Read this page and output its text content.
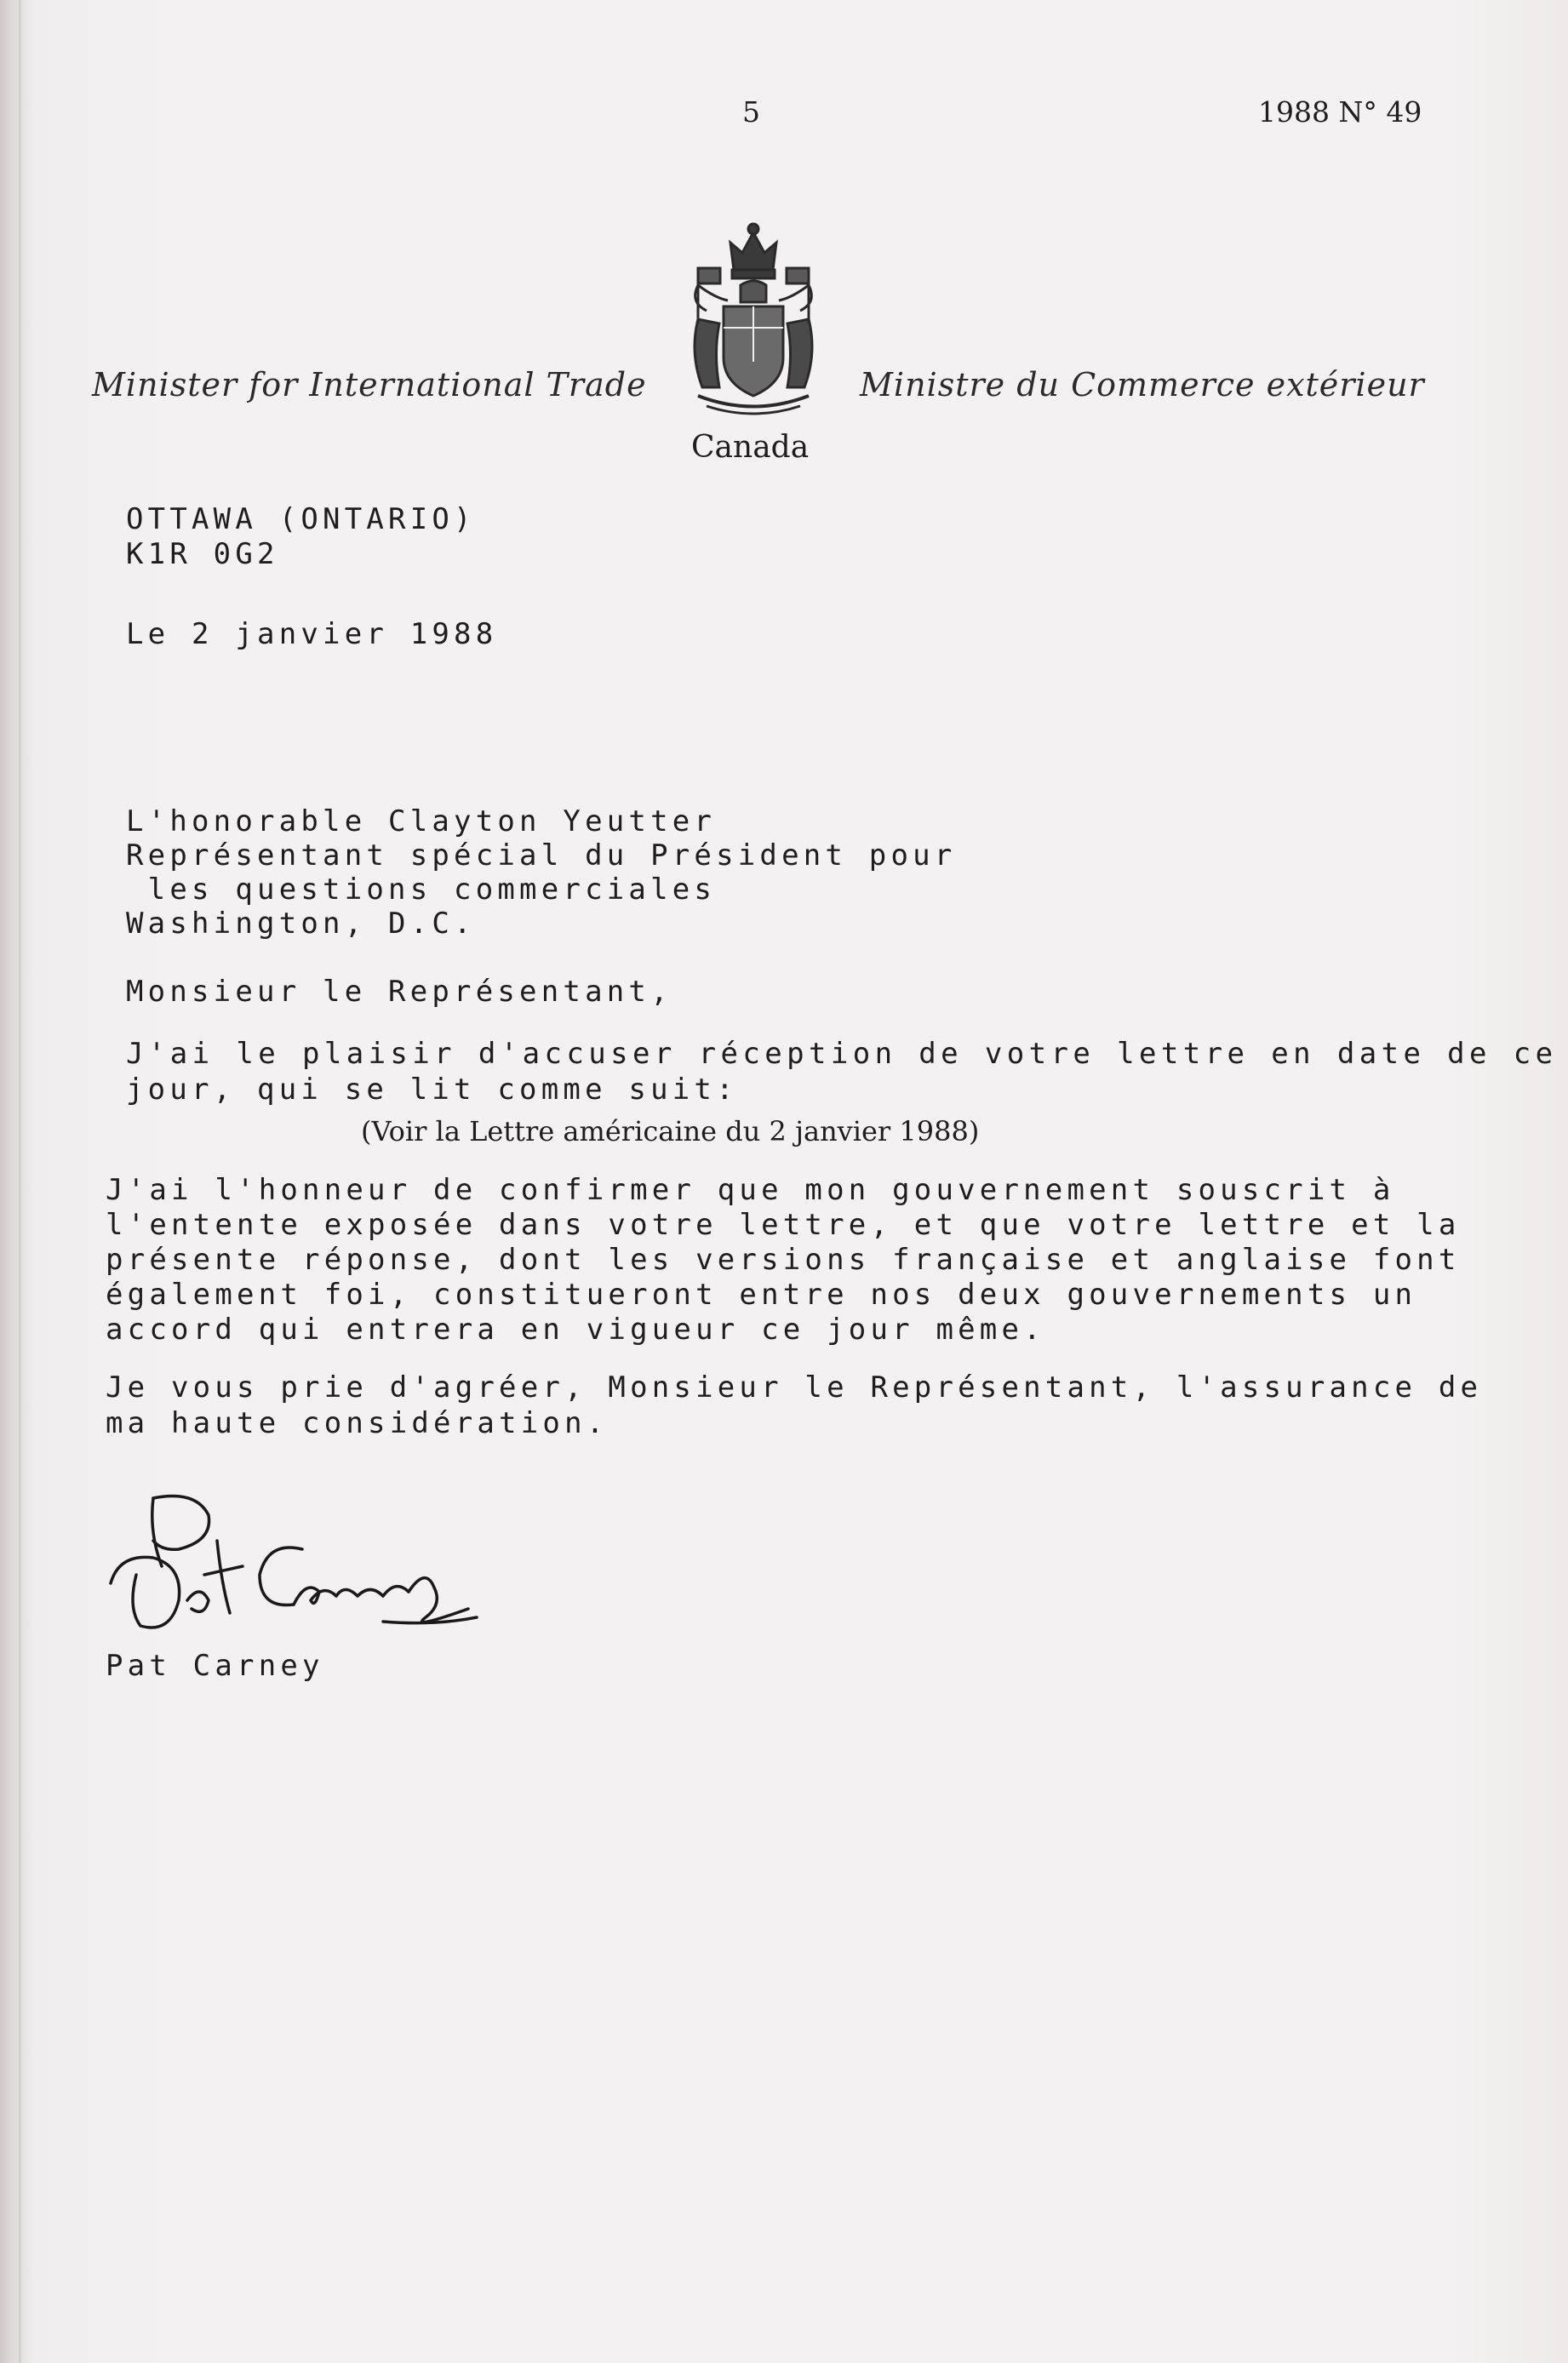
5	1988 N° 49
Minister for International Trade	Ministre du Commerce extérieur
Canada
OTTAWA (ONTARIO)
K1R 0G2
Le 2 janvier 1988
L'honorable Clayton Yeutter
Représentant spécial du Président pour
les questions commerciales
Washington, D.C.
Monsieur le Représentant,
J'ai le plaisir d'accuser réception de votre lettre en date de ce
jour, qui se lit comme suit:
(Voir la Lettre américaine du 2 janvier 1988)
J'ai l'honneur de confirmer que mon gouvernement souscrit à
l'entente exposée dans votre lettre, et que votre lettre et la
présente réponse, dont les versions française et anglaise font
également foi, constitueront entre nos deux gouvernements un
accord qui entrera en vigueur ce jour même.
Je vous prie d'agréer, Monsieur le Représentant, l'assurance de
ma haute considération.
Pat Carney
